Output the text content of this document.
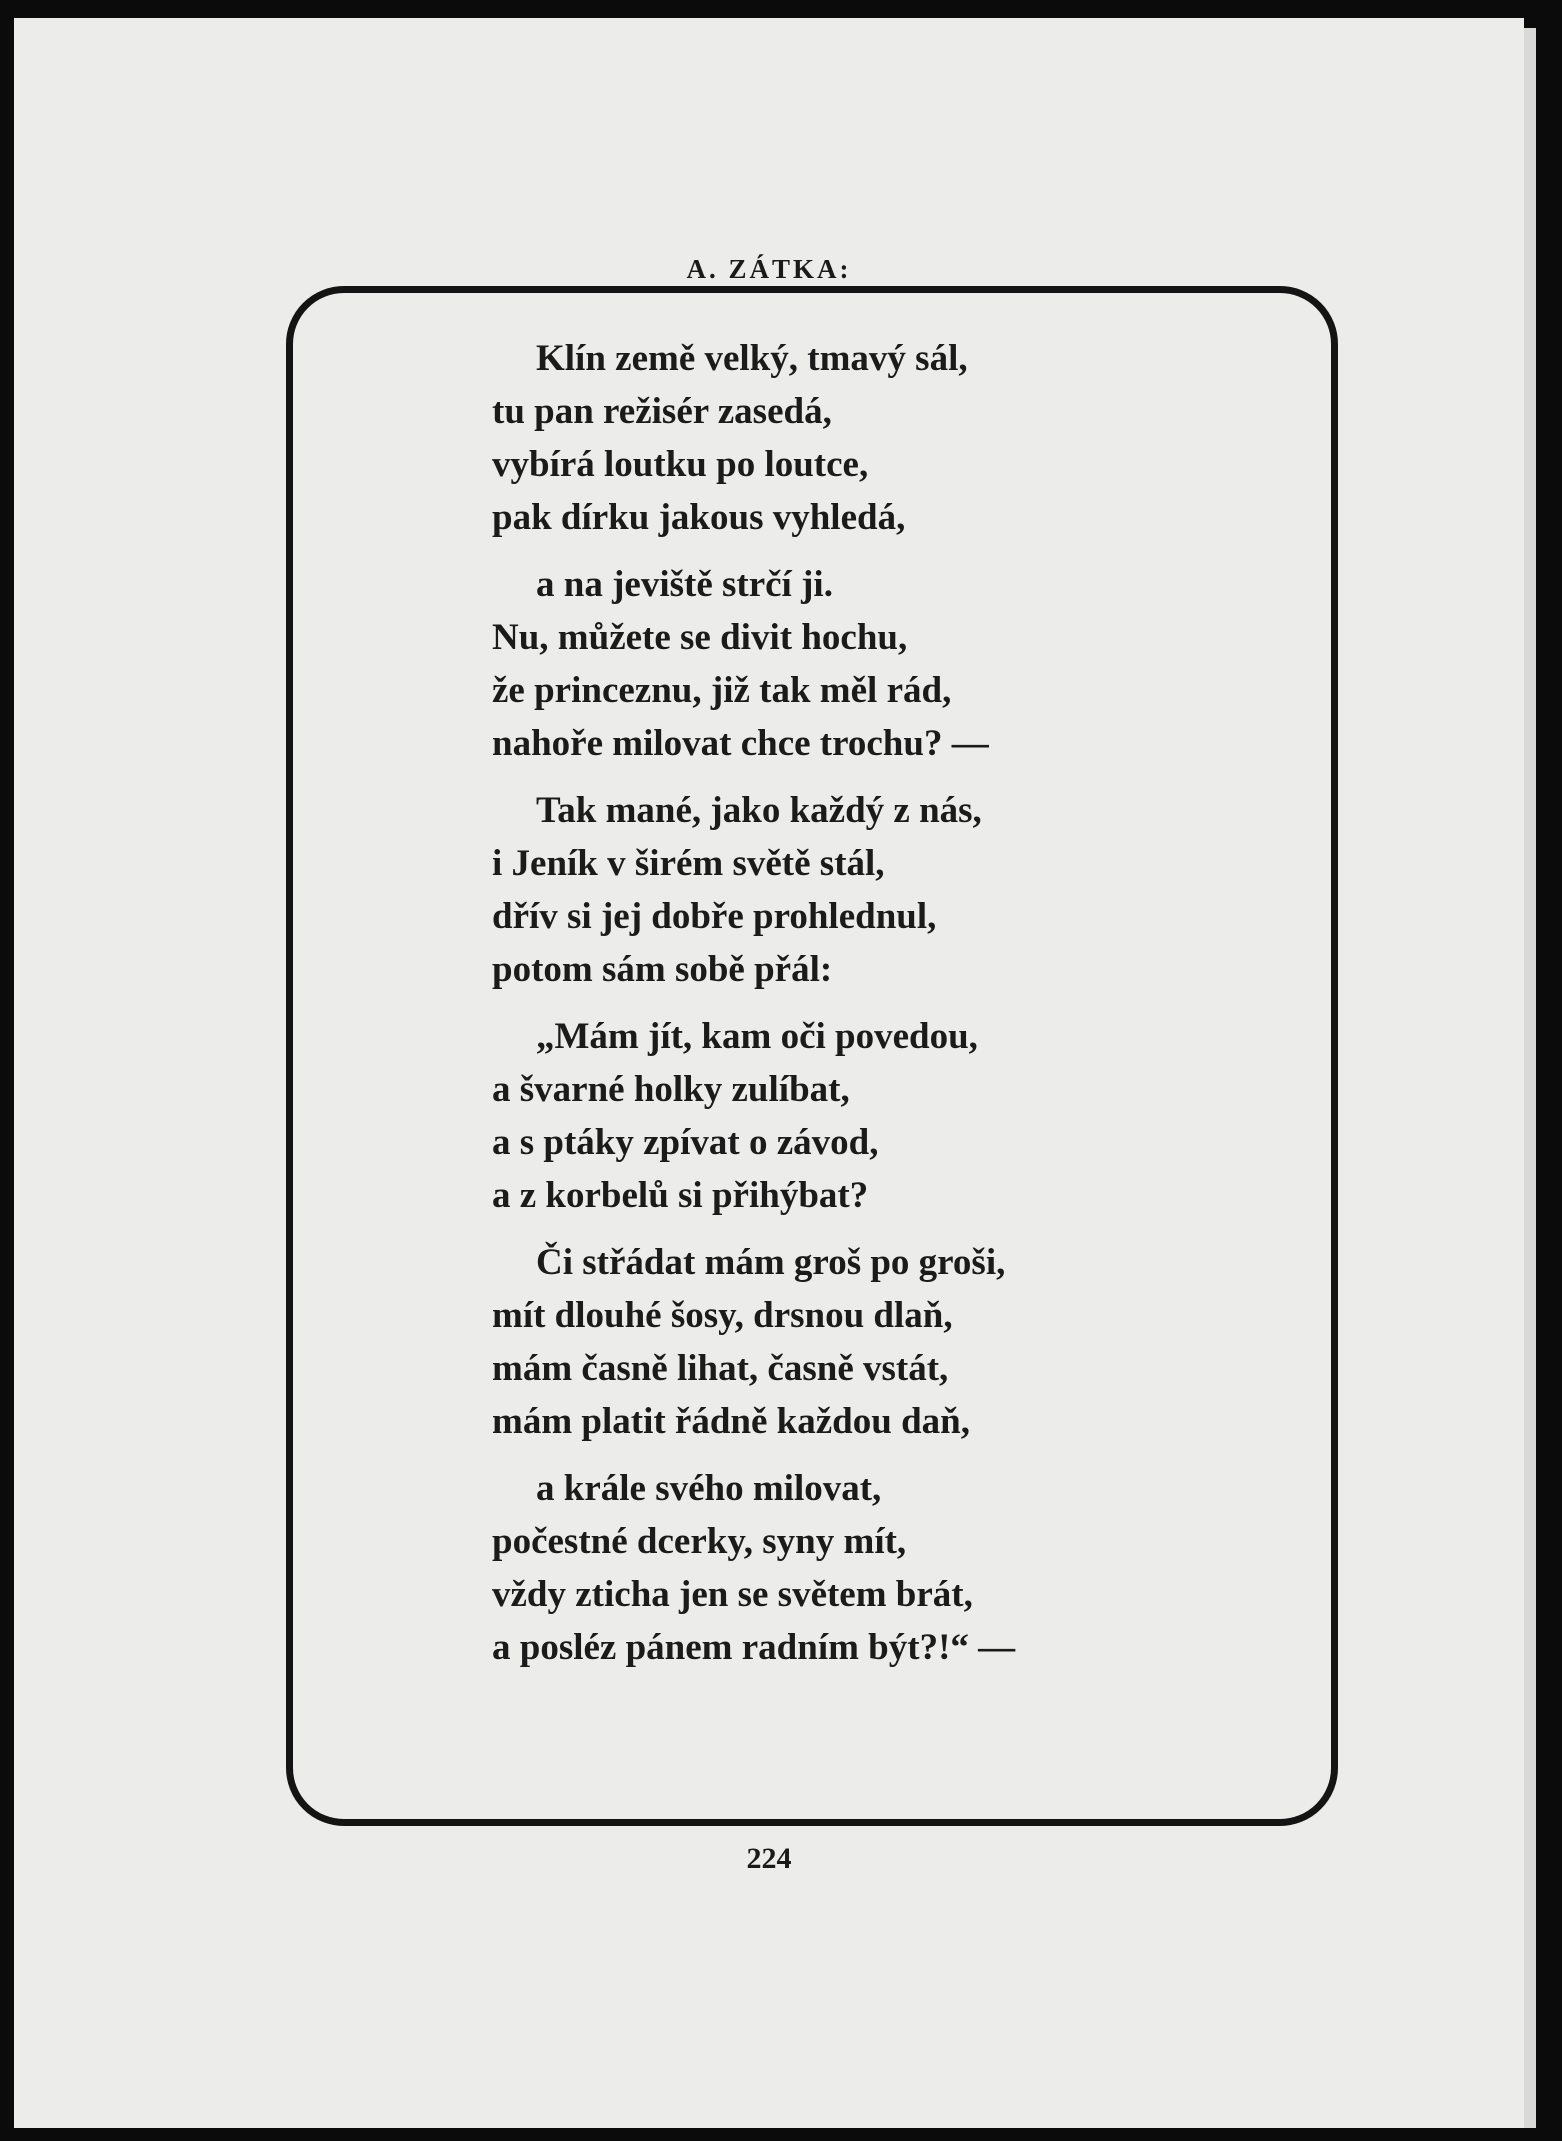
A. ZÁTKA:
224
Klín země velký, tmavý sál,
tu pan režisér zasedá,
vybírá loutku po loutce,
pak dírku jakous vyhledá,
a na jeviště strčí ji.
Nu, můžete se divit hochu,
že princeznu, již tak měl rád,
nahoře milovat chce trochu? —
Tak mané, jako každý z nás,
i Jeník v širém světě stál,
dřív si jej dobře prohlednul,
potom sám sobě přál:
„Mám jít, kam oči povedou,
a švarné holky zulíbat,
a s ptáky zpívat o závod,
a z korbelů si přihýbat?
Či střádat mám groš po groši,
mít dlouhé šosy, drsnou dlaň,
mám časně lihat, časně vstát,
mám platit řádně každou daň,
a krále svého milovat,
počestné dcerky, syny mít,
vždy zticha jen se světem brát,
a posléz pánem radním být?!“ —
